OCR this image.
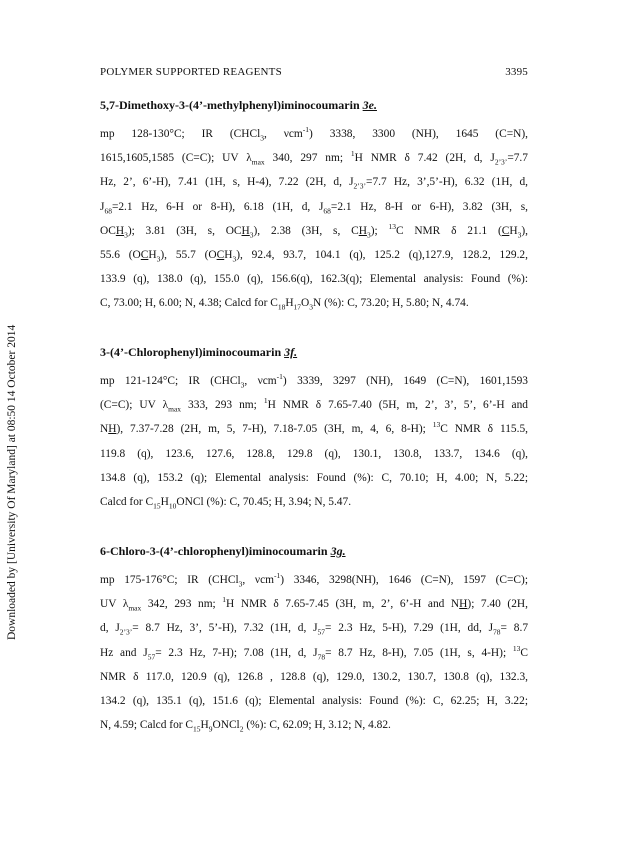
Downloaded by [University Of Maryland] at 08:50 14 October 2014
POLYMER SUPPORTED REAGENTS	3395
5,7-Dimethoxy-3-(4’-methylphenyl)iminocoumarin 3e.
mp 128-130°C; IR (CHCl$_3$, νcm$^{-1}$) 3338, 3300 (NH), 1645 (C=N),
1615,1605,1585 (C=C); UV $\lambda_{max}$ 340, 297 nm; $^1$H NMR δ 7.42 (2H, d, $J_{2’3’}=7.7$
Hz, 2’, 6’-H), 7.41 (1H, s, H-4), 7.22 (2H, d, $J_{2’3’}=7.7$ Hz, 3’,5’-H), 6.32 (1H, d,
$J_{68}=2.1$ Hz, 6-H or 8-H), 6.18 (1H, d, $J_{68}=2.1$ Hz, 8-H or 6-H), 3.82 (3H, s,
$OCH_3$); 3.81 (3H, s, $OCH_3$), 2.38 (3H, s, $CH_3$); $^{13}$C NMR δ 21.1 $(CH_3)$,
55.6 $(OCH_3)$, 55.7 $(OCH_3)$, 92.4, 93.7, 104.1 (q), 125.2 (q),127.9, 128.2, 129.2,
133.9 (q), 138.0 (q), 155.0 (q), 156.6(q), 162.3(q); Elemental analysis: Found (%):
C, 73.00; H, 6.00; N, 4.38; Calcd for $C_{18}H_{17}O_3N$ (%): C, 73.20; H, 5.80; N, 4.74.
3-(4’-Chlorophenyl)iminocoumarin 3f.
mp 121-124°C; IR (CHCl$_3$, νcm$^{-1}$) 3339, 3297 (NH), 1649 (C=N), 1601,1593
(C=C); UV $\lambda_{max}$ 333, 293 nm; $^1$H NMR δ 7.65-7.40 (5H, m, 2’, 3’, 5’, 6’-H and
NH), 7.37-7.28 (2H, m, 5, 7-H), 7.18-7.05 (3H, m, 4, 6, 8-H); $^{13}$C NMR δ 115.5,
119.8 (q), 123.6, 127.6, 128.8, 129.8 (q), 130.1, 130.8, 133.7, 134.6 (q),
134.8 (q), 153.2 (q); Elemental analysis: Found (%): C, 70.10; H, 4.00; N, 5.22;
Calcd for $C_{15}H_{10}ONCl$ (%): C, 70.45; H, 3.94; N, 5.47.
6-Chloro-3-(4’-chlorophenyl)iminocoumarin 3g.
mp 175-176°C; IR (CHCl$_3$, νcm$^{-1}$) 3346, 3298(NH), 1646 (C=N), 1597 (C=C);
UV $\lambda_{max}$ 342, 293 nm; $^1$H NMR δ 7.65-7.45 (3H, m, 2’, 6’-H and NH); 7.40 (2H,
d, $J_{2’3’}= 8.7$ Hz, 3’, 5’-H), 7.32 (1H, d, $J_{57}= 2.3$ Hz, 5-H), 7.29 (1H, dd, $J_{78}= 8.7$
Hz and $J_{57}= 2.3$ Hz, 7-H); 7.08 (1H, d, $J_{78}= 8.7$ Hz, 8-H), 7.05 (1H, s, 4-H); $^{13}$C
NMR δ 117.0, 120.9 (q), 126.8 , 128.8 (q), 129.0, 130.2, 130.7, 130.8 (q), 132.3,
134.2 (q), 135.1 (q), 151.6 (q); Elemental analysis: Found (%): C, 62.25; H, 3.22;
N, 4.59; Calcd for $C_{15}H_9ONCl_2$ (%): C, 62.09; H, 3.12; N, 4.82.
